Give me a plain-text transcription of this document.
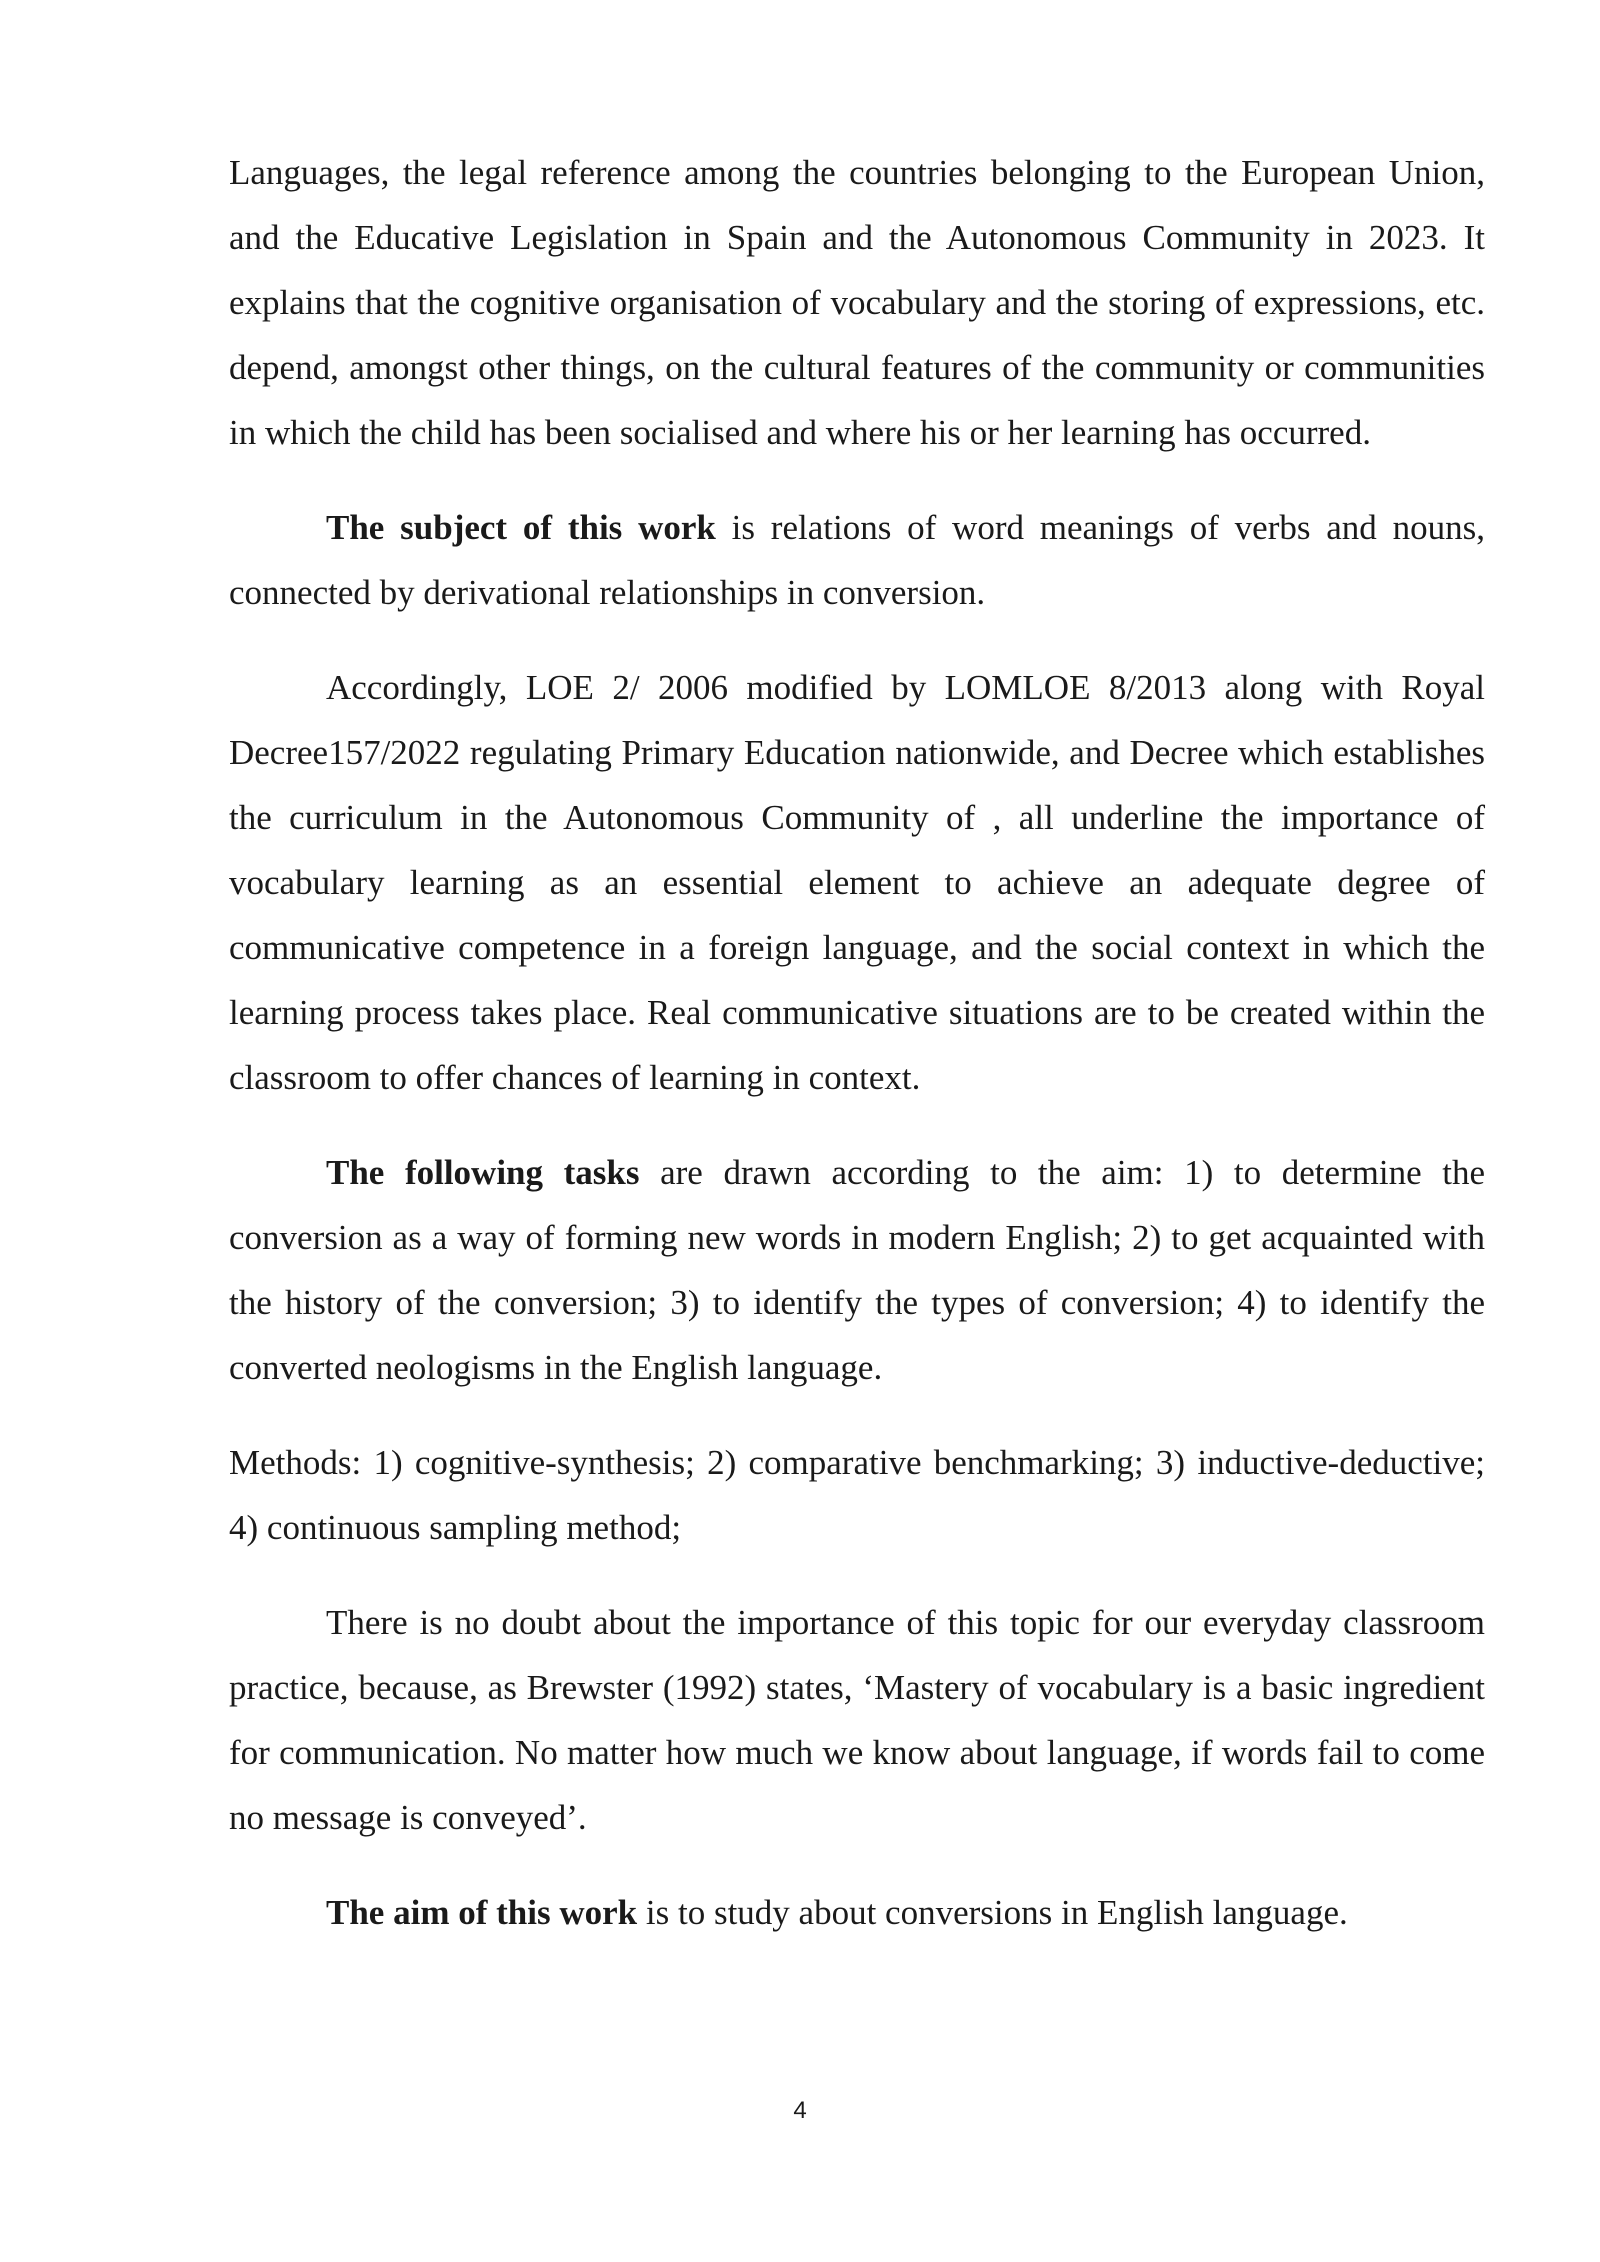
Languages, the legal reference among the countries belonging to the European Union, and the Educative Legislation in Spain and the Autonomous Community in 2023. It explains that the cognitive organisation of vocabulary and the storing of expressions, etc. depend, amongst other things, on the cultural features of the community or communities in which the child has been socialised and where his or her learning has occurred.

The subject of this work is relations of word meanings of verbs and nouns, connected by derivational relationships in conversion.

Accordingly, LOE 2/ 2006 modified by LOMLOE 8/2013 along with Royal Decree157/2022 regulating Primary Education nationwide, and Decree which establishes the curriculum in the Autonomous Community of , all underline the importance of vocabulary learning as an essential element to achieve an adequate degree of communicative competence in a foreign language, and the social context in which the learning process takes place. Real communicative situations are to be created within the classroom to offer chances of learning in context.

The following tasks are drawn according to the aim: 1) to determine the conversion as a way of forming new words in modern English; 2) to get acquainted with the history of the conversion; 3) to identify the types of conversion; 4) to identify the converted neologisms in the English language.

Methods: 1) cognitive-synthesis; 2) comparative benchmarking; 3) inductive-deductive; 4) continuous sampling method;

There is no doubt about the importance of this topic for our everyday classroom practice, because, as Brewster (1992) states, ‘Mastery of vocabulary is a basic ingredient for communication. No matter how much we know about language, if words fail to come no message is conveyed’.

The aim of this work is to study about conversions in English language.

4
